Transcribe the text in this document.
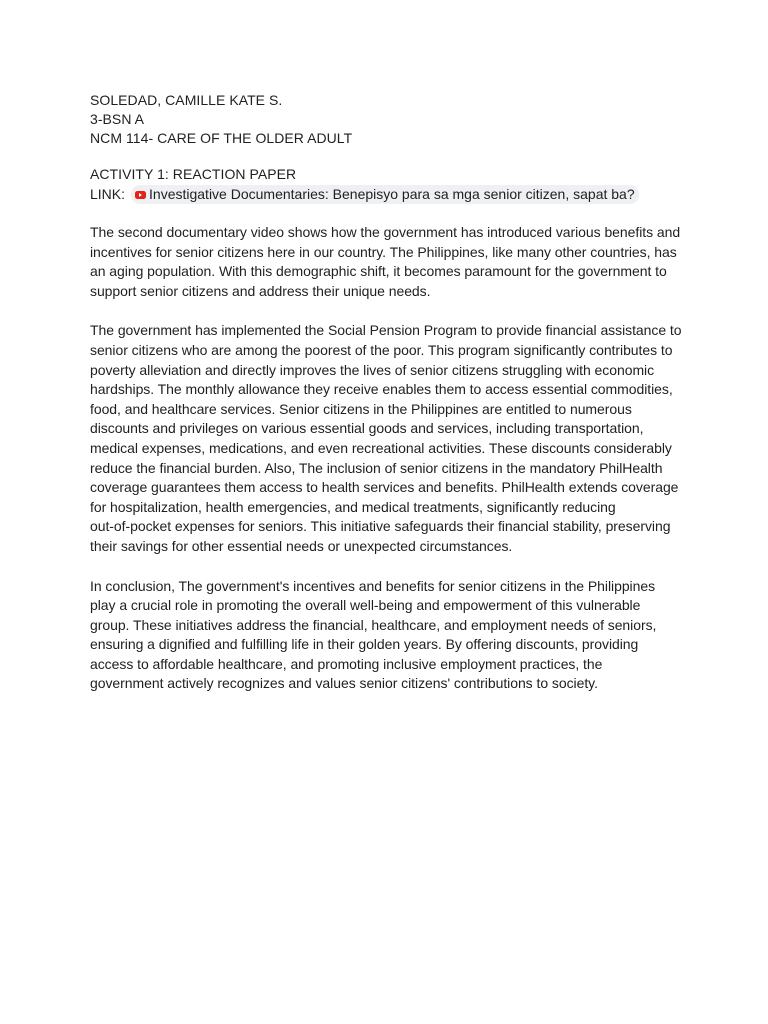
SOLEDAD, CAMILLE KATE S.
3-BSN A
NCM 114- CARE OF THE OLDER ADULT
ACTIVITY 1: REACTION PAPER
LINK: Investigative Documentaries: Benepisyo para sa mga senior citizen, sapat ba?
The second documentary video shows how the government has introduced various benefits and
incentives for senior citizens here in our country. The Philippines, like many other countries, has
an aging population. With this demographic shift, it becomes paramount for the government to
support senior citizens and address their unique needs.
The government has implemented the Social Pension Program to provide financial assistance to
senior citizens who are among the poorest of the poor. This program significantly contributes to
poverty alleviation and directly improves the lives of senior citizens struggling with economic
hardships. The monthly allowance they receive enables them to access essential commodities,
food, and healthcare services. Senior citizens in the Philippines are entitled to numerous
discounts and privileges on various essential goods and services, including transportation,
medical expenses, medications, and even recreational activities. These discounts considerably
reduce the financial burden. Also, The inclusion of senior citizens in the mandatory PhilHealth
coverage guarantees them access to health services and benefits. PhilHealth extends coverage
for hospitalization, health emergencies, and medical treatments, significantly reducing
out-of-pocket expenses for seniors. This initiative safeguards their financial stability, preserving
their savings for other essential needs or unexpected circumstances.
In conclusion, The government's incentives and benefits for senior citizens in the Philippines
play a crucial role in promoting the overall well-being and empowerment of this vulnerable
group. These initiatives address the financial, healthcare, and employment needs of seniors,
ensuring a dignified and fulfilling life in their golden years. By offering discounts, providing
access to affordable healthcare, and promoting inclusive employment practices, the
government actively recognizes and values senior citizens' contributions to society.
